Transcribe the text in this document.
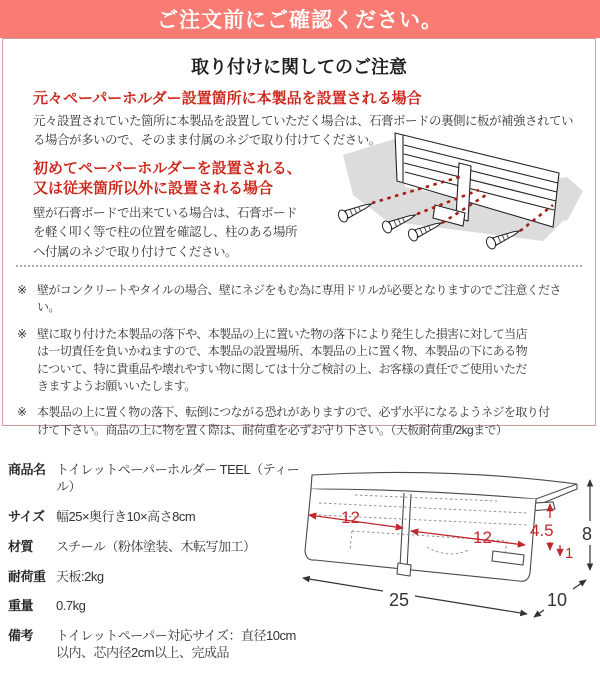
ご注文前にご確認ください。
取り付けに関してのご注意
元々ペーパーホルダー設置箇所に本製品を設置される場合

元々設置されていた箇所に本製品を設置していただく場合は、石膏ボードの裏側に板が補強されている場合が多いので、そのまま付属のネジで取り付けてください。

初めてペーパーホルダーを設置される、
又は従来箇所以外に設置される場合

壁が石膏ボードで出来ている場合は、石膏ボードを軽く叩く等で柱の位置を確認し、柱のある場所へ付属のネジで取り付けてください。

※ 壁がコンクリートやタイルの場合、壁にネジをもむ為に専用ドリルが必要となりますのでご注意ください。
※ 壁に取り付けた本製品の落下や、本製品の上に置いた物の落下により発生した損害に対して当店は一切責任を負いかねますので、本製品の設置場所、本製品の上に置く物、本製品の下にある物について、特に貴重品や壊れやすい物に関しては十分ご検討の上、お客様の責任でご使用いただきますようお願いいたします。
※ 本製品の上に置く物の落下、転倒につながる恐れがありますので、必ず水平になるようネジを取り付けて下さい。商品の上に物を置く際は、耐荷重を必ずお守り下さい。（天板耐荷重/2kgまで）
商品名 トイレットペーパーホルダー TEEL（ティール）
サイズ 幅25×奥行き10×高さ8cm
材質	スチール（粉体塗装、木転写加工）
耐荷重 天板:2kg
重量	0.7kg
備考	トイレットペーパー対応サイズ：直径10cm以内、芯内径2cm以上、完成品
12
12 4.5
1
8
25	10
